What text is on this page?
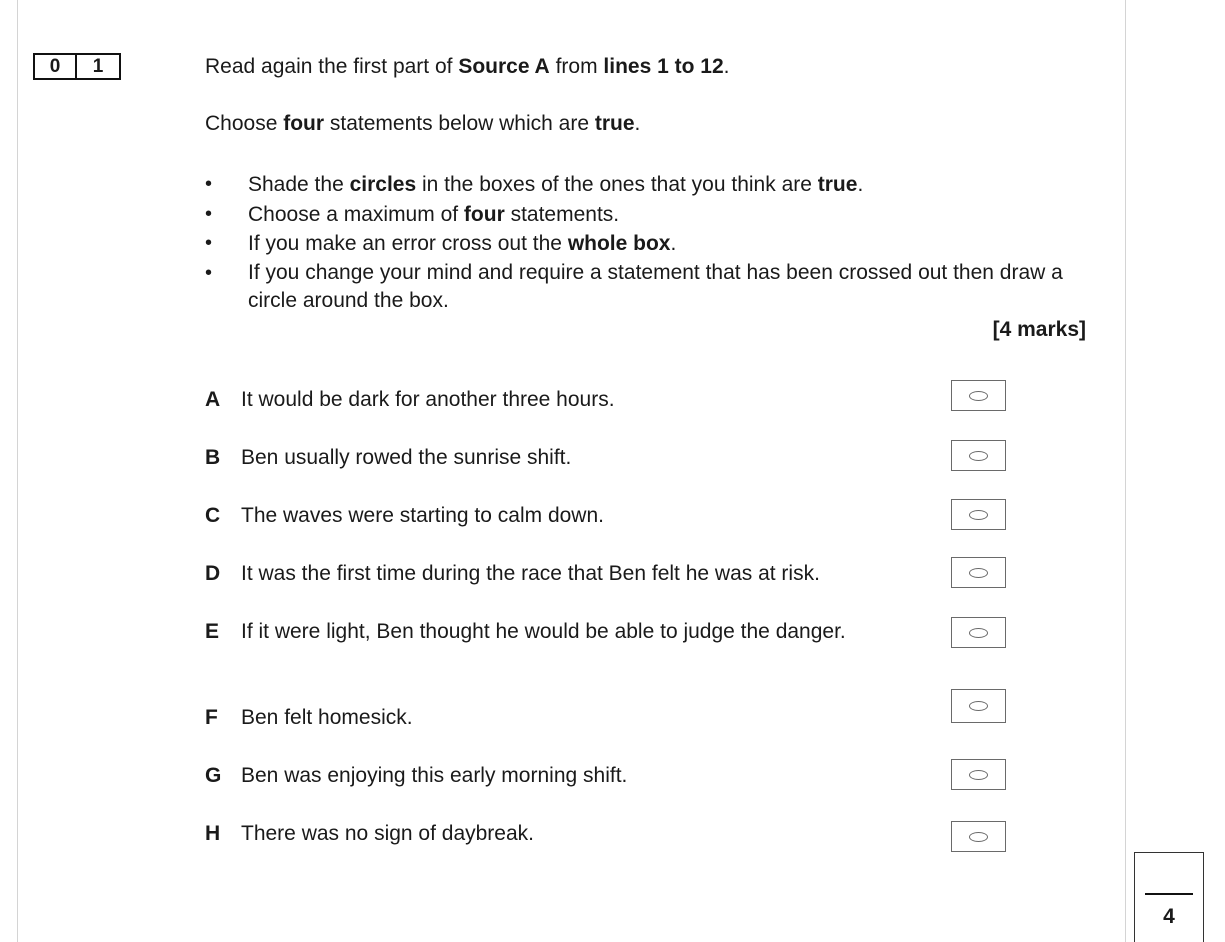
0	1	Read again the first part of Source A from lines 1 to 12.
Choose four statements below which are true.
• Shade the circles in the boxes of the ones that you think are true.
• Choose a maximum of four statements.
• If you make an error cross out the whole box.
• If you change your mind and require a statement that has been crossed out then draw a circle around the box.
[4 marks]
A It would be dark for another three hours.
B Ben usually rowed the sunrise shift.
C The waves were starting to calm down.
D It was the first time during the race that Ben felt he was at risk.
E	If it were light, Ben thought he would be able to judge the danger.
F	Ben felt homesick.
G Ben was enjoying this early morning shift.
H There was no sign of daybreak.
4
